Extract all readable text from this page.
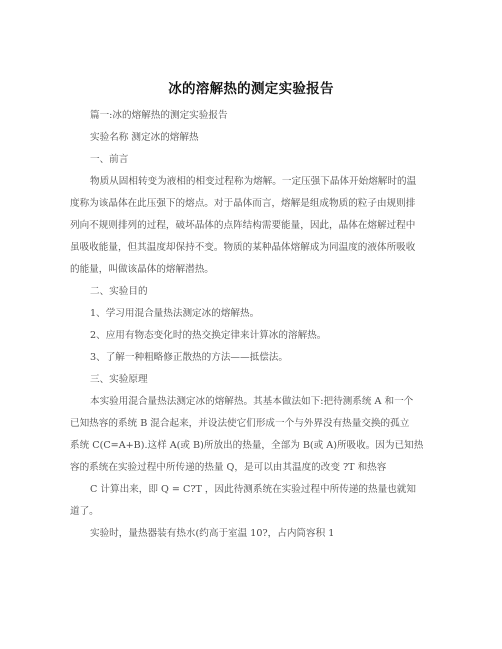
冰的溶解热的测定实验报告
篇一:冰的熔解热的测定实验报告
实验名称 测定冰的熔解热
一、前言
物质从固相转变为液相的相变过程称为熔解。一定压强下晶体开始熔解时的温
度称为该晶体在此压强下的熔点。对于晶体而言，熔解是组成物质的粒子由规则排
列向不规则排列的过程，破坏晶体的点阵结构需要能量，因此，晶体在熔解过程中
虽吸收能量，但其温度却保持不变。物质的某种晶体熔解成为同温度的液体所吸收
的能量，叫做该晶体的熔解潜热。
二、实验目的
1、学习用混合量热法测定冰的熔解热。
2、应用有物态变化时的热交换定律来计算冰的溶解热。
3、了解一种粗略修正散热的方法——抵偿法。
三、实验原理
本实验用混合量热法测定冰的熔解热。其基本做法如下:把待测系统 A 和一个
已知热容的系统 B 混合起来，并设法使它们形成一个与外界没有热量交换的孤立
系统 C(C=A+B).这样 A(或 B)所放出的热量，全部为 B(或 A)所吸收。因为已知热
容的系统在实验过程中所传递的热量 Q，是可以由其温度的改变 ?T 和热容
C 计算出来，即 Q = C?T ，因此待测系统在实验过程中所传递的热量也就知
道了。
实验时，量热器装有热水(约高于室温 10?，占内筒容积 1
